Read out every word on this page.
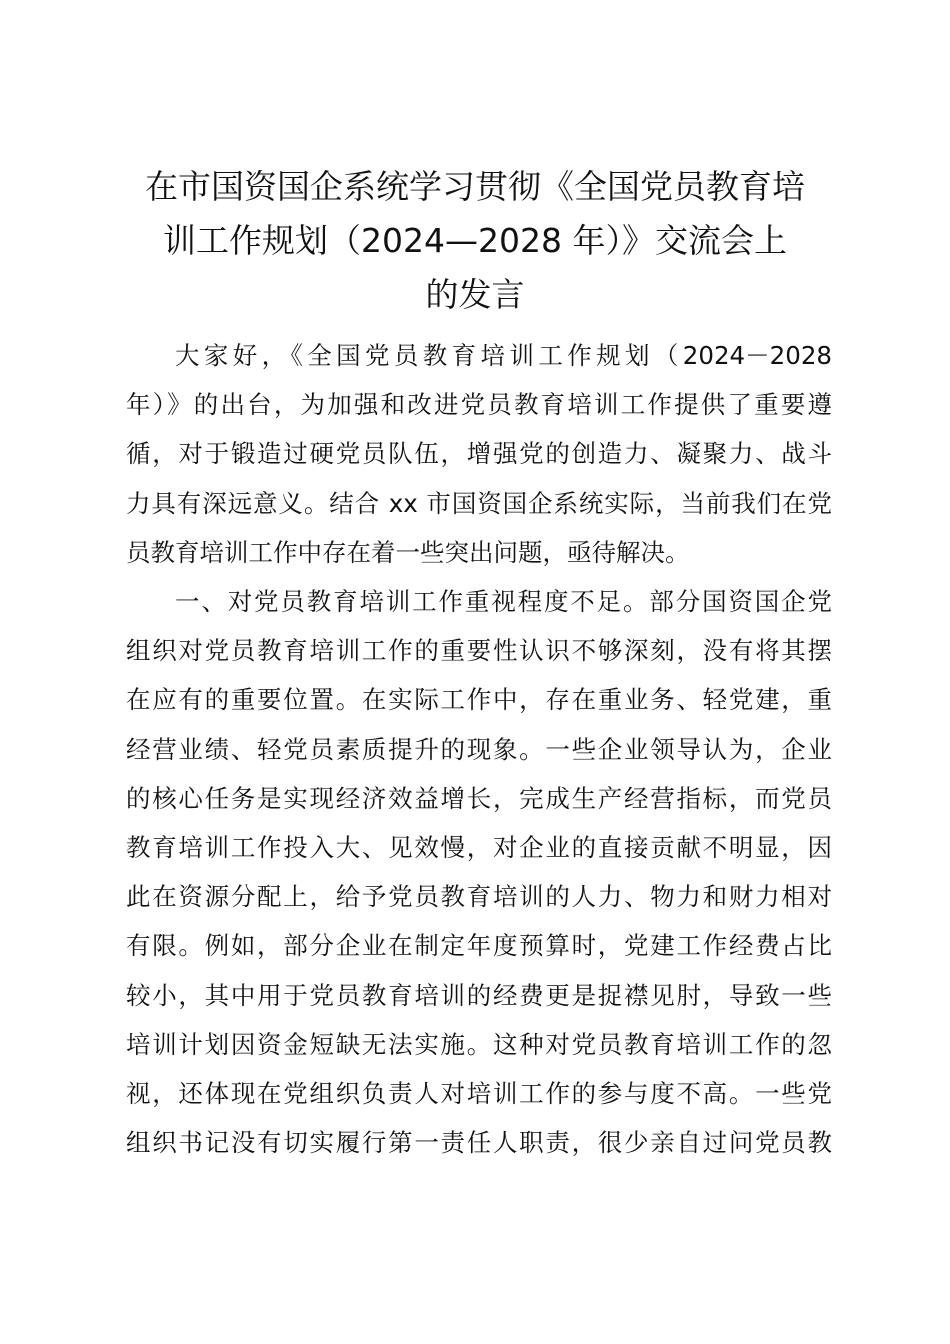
在市国资国企系统学习贯彻《全国党员教育培
训工作规划（2024—2028 年）》交流会上
的发言

大家好，《全国党员教育培训工作规划（2024－2028
年）》的出台，为加强和改进党员教育培训工作提供了重要遵
循，对于锻造过硬党员队伍，增强党的创造力、凝聚力、战斗
力具有深远意义。结合 xx 市国资国企系统实际，当前我们在党
员教育培训工作中存在着一些突出问题，亟待解决。

一、对党员教育培训工作重视程度不足。部分国资国企党
组织对党员教育培训工作的重要性认识不够深刻，没有将其摆
在应有的重要位置。在实际工作中，存在重业务、轻党建，重
经营业绩、轻党员素质提升的现象。一些企业领导认为，企业
的核心任务是实现经济效益增长，完成生产经营指标，而党员
教育培训工作投入大、见效慢，对企业的直接贡献不明显，因
此在资源分配上，给予党员教育培训的人力、物力和财力相对
有限。例如，部分企业在制定年度预算时，党建工作经费占比
较小，其中用于党员教育培训的经费更是捉襟见肘，导致一些
培训计划因资金短缺无法实施。这种对党员教育培训工作的忽
视，还体现在党组织负责人对培训工作的参与度不高。一些党
组织书记没有切实履行第一责任人职责，很少亲自过问党员教
